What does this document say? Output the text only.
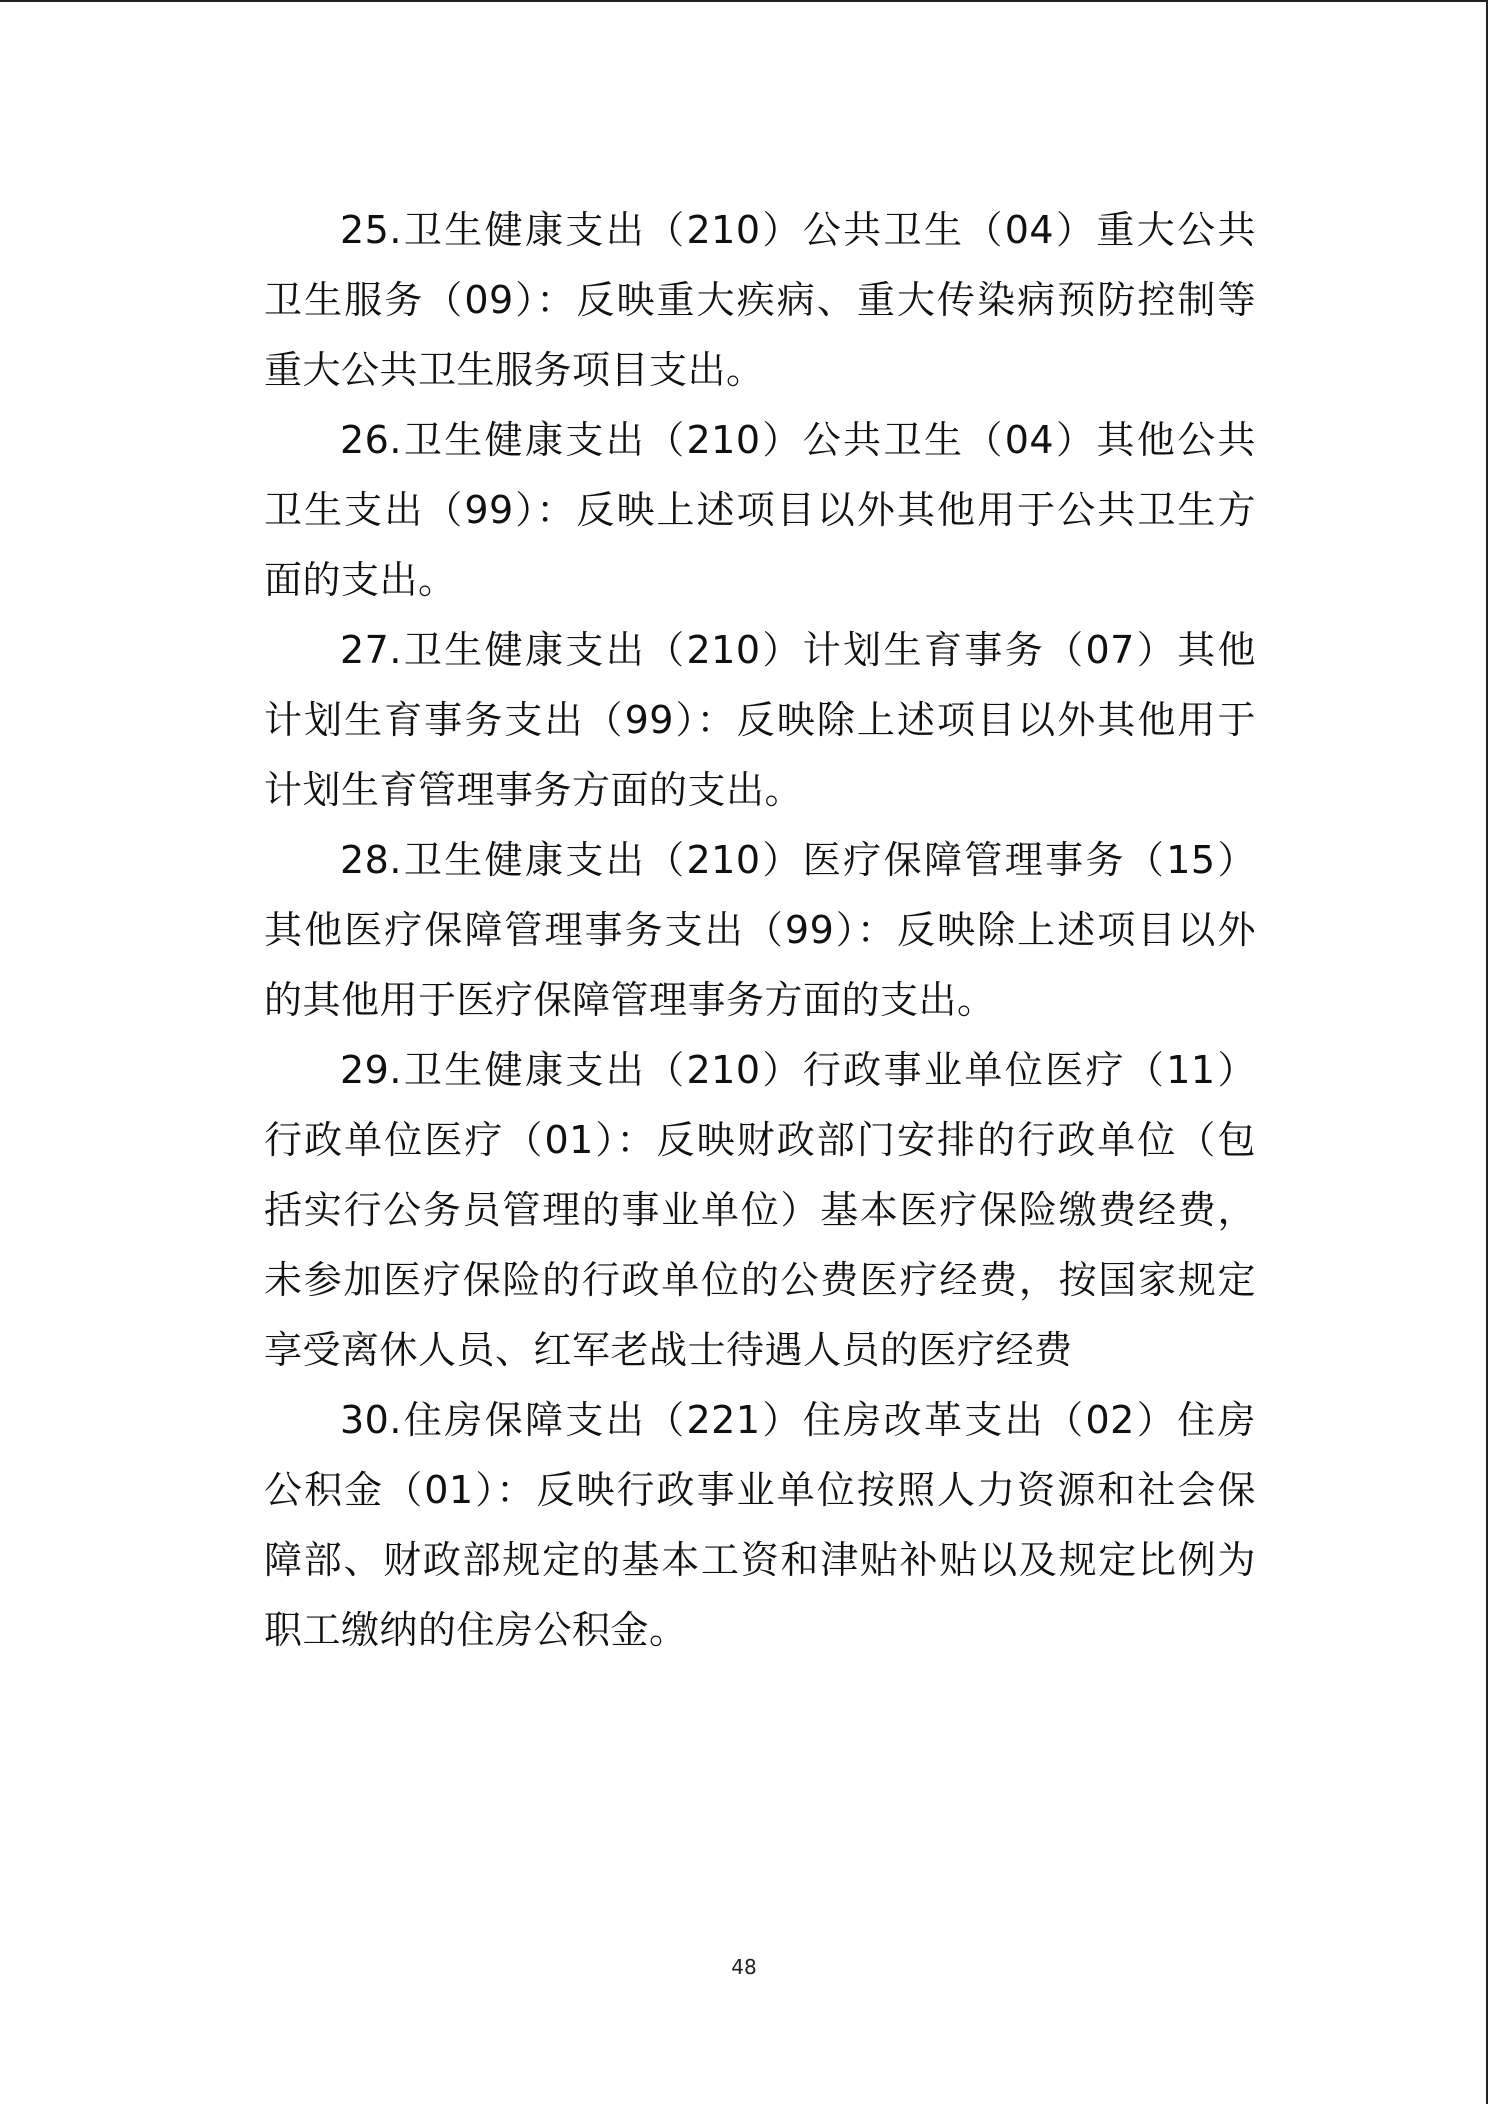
25.卫生健康支出（210）公共卫生（04）重大公共卫生服务（09）：反映重大疾病、重大传染病预防控制等重大公共卫生服务项目支出。

26.卫生健康支出（210）公共卫生（04）其他公共卫生支出（99）：反映上述项目以外其他用于公共卫生方面的支出。

27.卫生健康支出（210）计划生育事务（07）其他计划生育事务支出（99）：反映除上述项目以外其他用于计划生育管理事务方面的支出。

28.卫生健康支出（210）医疗保障管理事务（15）其他医疗保障管理事务支出（99）：反映除上述项目以外的其他用于医疗保障管理事务方面的支出。

29.卫生健康支出（210）行政事业单位医疗（11）行政单位医疗（01）：反映财政部门安排的行政单位（包括实行公务员管理的事业单位）基本医疗保险缴费经费，未参加医疗保险的行政单位的公费医疗经费，按国家规定享受离休人员、红军老战士待遇人员的医疗经费

30.住房保障支出（221）住房改革支出（02）住房公积金（01）：反映行政事业单位按照人力资源和社会保障部、财政部规定的基本工资和津贴补贴以及规定比例为职工缴纳的住房公积金。

48
